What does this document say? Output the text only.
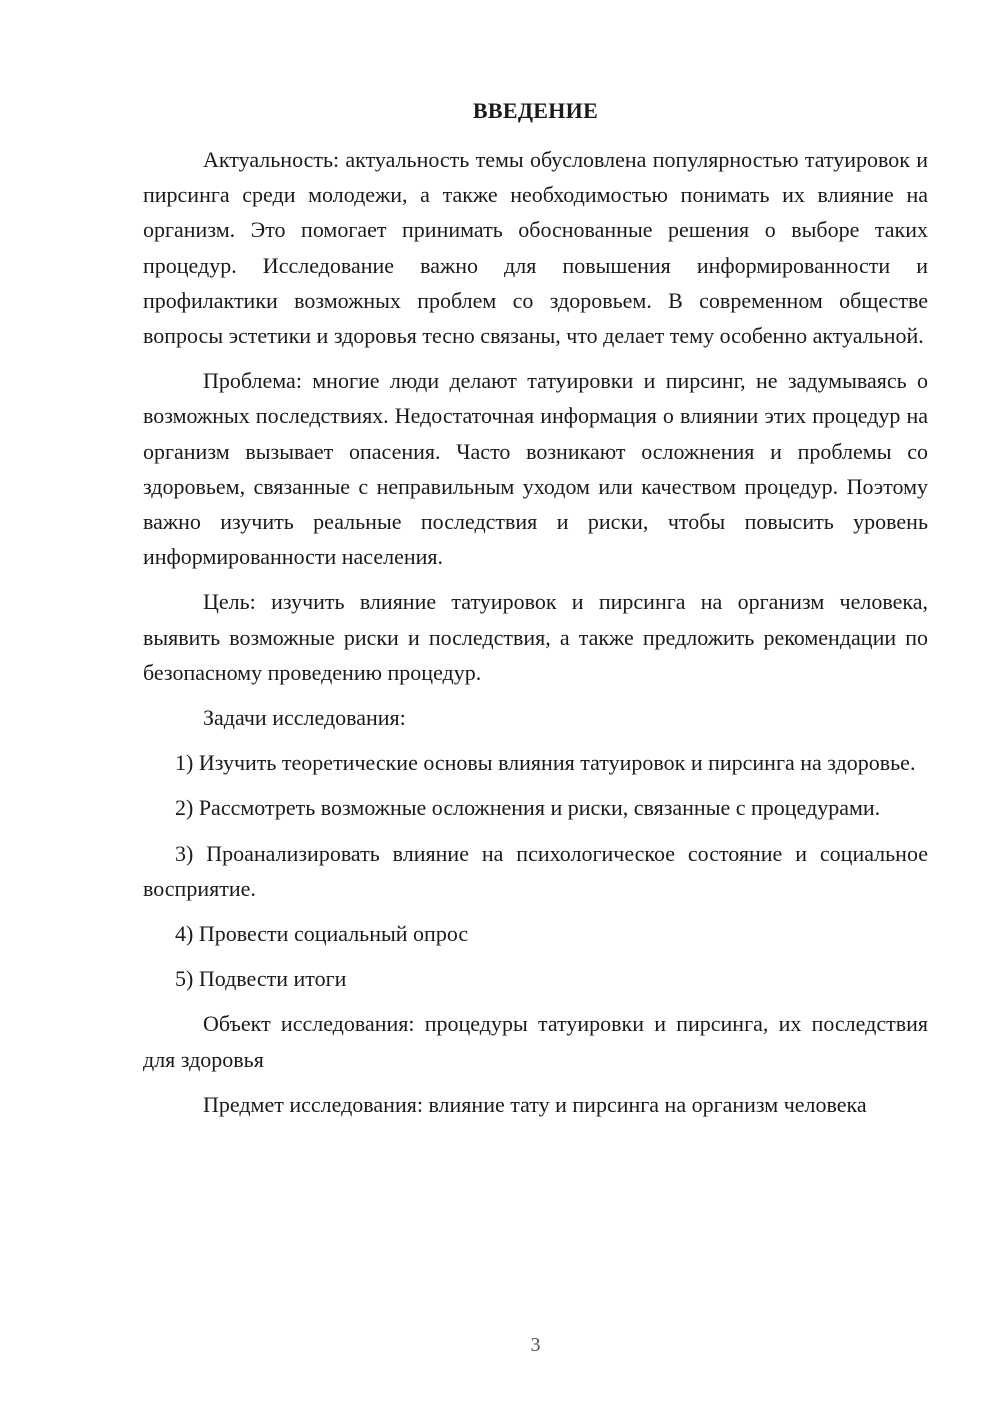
ВВЕДЕНИЕ

Актуальность: актуальность темы обусловлена популярностью татуировок и пирсинга среди молодежи, а также необходимостью понимать их влияние на организм. Это помогает принимать обоснованные решения о выборе таких процедур. Исследование важно для повышения информированности и профилактики возможных проблем со здоровьем. В современном обществе вопросы эстетики и здоровья тесно связаны, что делает тему особенно актуальной.

Проблема: многие люди делают татуировки и пирсинг, не задумываясь о возможных последствиях. Недостаточная информация о влиянии этих процедур на организм вызывает опасения. Часто возникают осложнения и проблемы со здоровьем, связанные с неправильным уходом или качеством процедур. Поэтому важно изучить реальные последствия и риски, чтобы повысить уровень информированности населения.

Цель: изучить влияние татуировок и пирсинга на организм человека, выявить возможные риски и последствия, а также предложить рекомендации по безопасному проведению процедур.

Задачи исследования:

1) Изучить теоретические основы влияния татуировок и пирсинга на здоровье.

2) Рассмотреть возможные осложнения и риски, связанные с процедурами.

3) Проанализировать влияние на психологическое состояние и социальное восприятие.

4) Провести социальный опрос

5) Подвести итоги

Объект исследования: процедуры татуировки и пирсинга, их последствия для здоровья

Предмет исследования: влияние тату и пирсинга на организм человека

3
